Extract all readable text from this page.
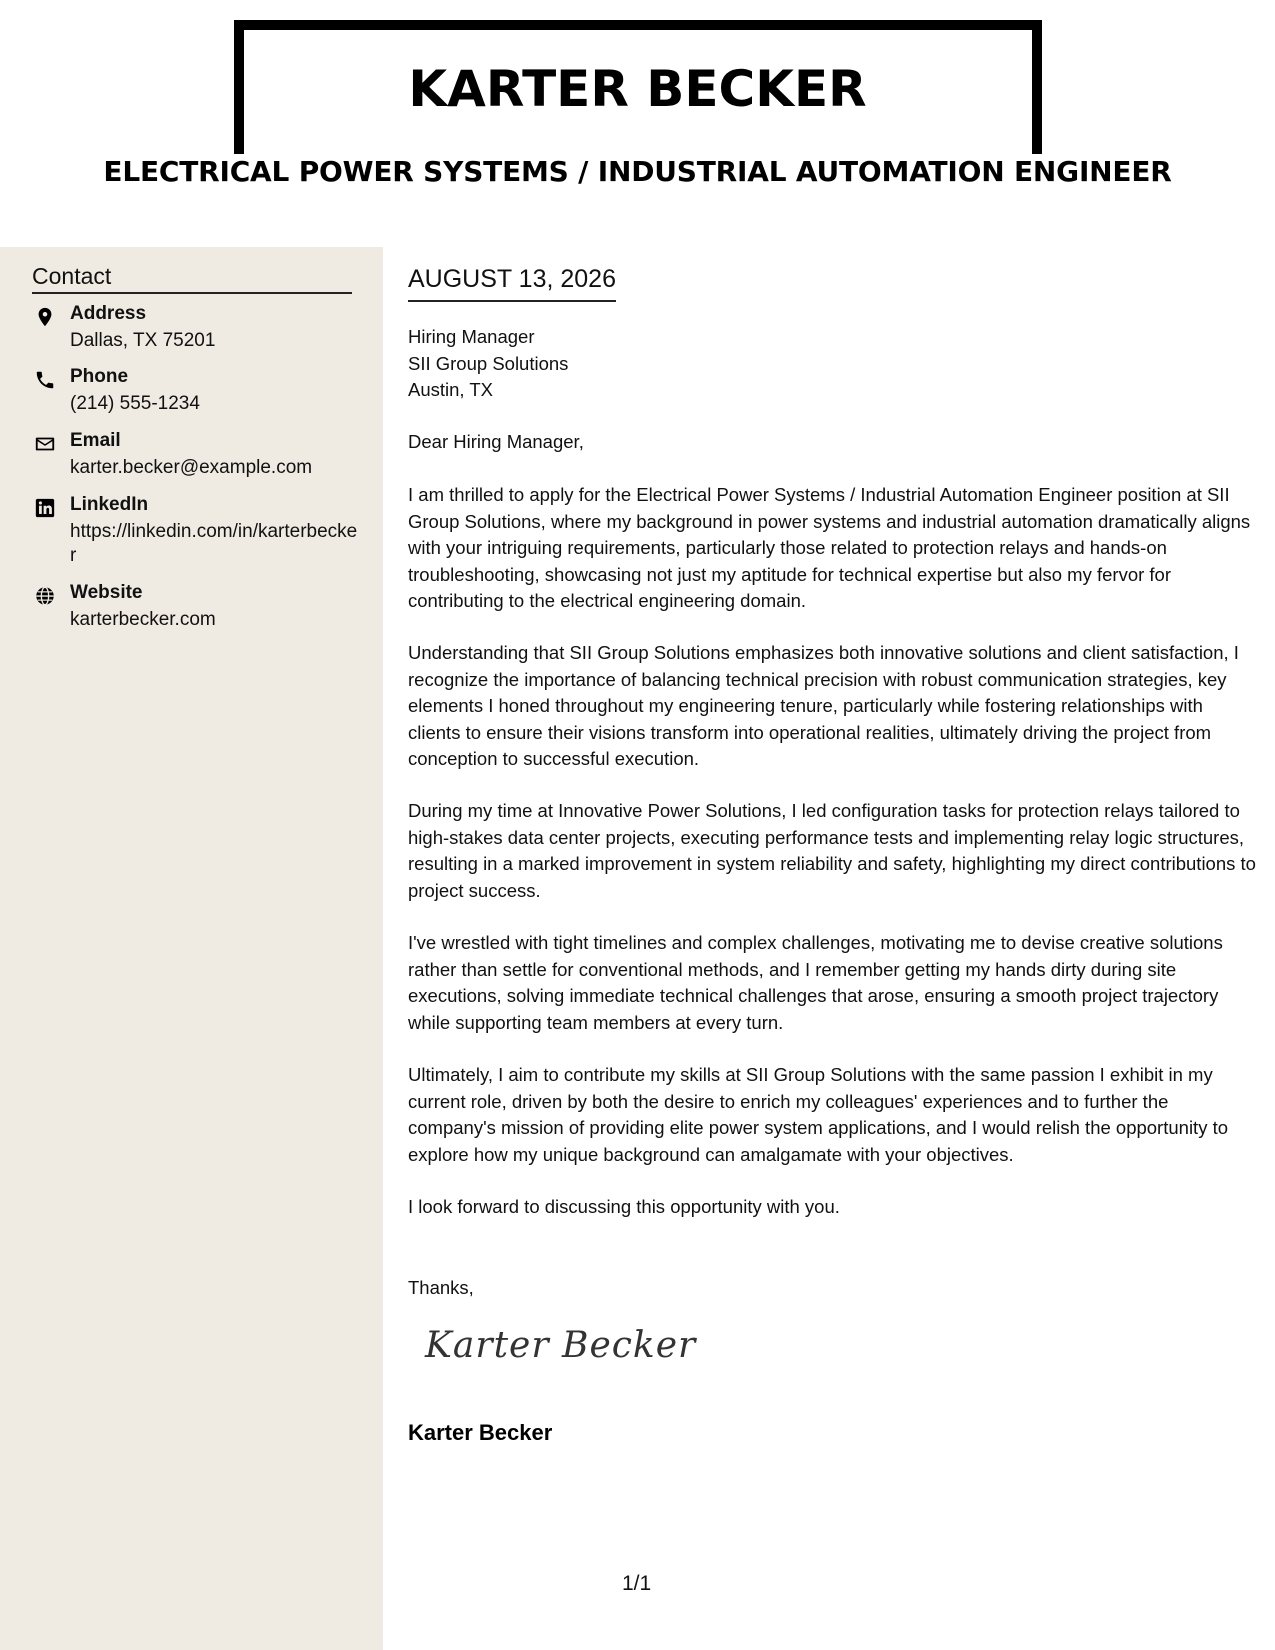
KARTER BECKER
ELECTRICAL POWER SYSTEMS / INDUSTRIAL AUTOMATION ENGINEER
Contact
Address
Dallas, TX 75201
Phone
(214) 555-1234
Email
karter.becker@example.com
LinkedIn
https://linkedin.com/in/karterbecker
Website
karterbecker.com
AUGUST 13, 2026
Hiring Manager
SII Group Solutions
Austin, TX
Dear Hiring Manager,

I am thrilled to apply for the Electrical Power Systems / Industrial Automation Engineer position at SII Group Solutions, where my background in power systems and industrial automation dramatically aligns with your intriguing requirements, particularly those related to protection relays and hands-on troubleshooting, showcasing not just my aptitude for technical expertise but also my fervor for contributing to the electrical engineering domain.

Understanding that SII Group Solutions emphasizes both innovative solutions and client satisfaction, I recognize the importance of balancing technical precision with robust communication strategies, key elements I honed throughout my engineering tenure, particularly while fostering relationships with clients to ensure their visions transform into operational realities, ultimately driving the project from conception to successful execution.

During my time at Innovative Power Solutions, I led configuration tasks for protection relays tailored to high-stakes data center projects, executing performance tests and implementing relay logic structures, resulting in a marked improvement in system reliability and safety, highlighting my direct contributions to project success.

I've wrestled with tight timelines and complex challenges, motivating me to devise creative solutions rather than settle for conventional methods, and I remember getting my hands dirty during site executions, solving immediate technical challenges that arose, ensuring a smooth project trajectory while supporting team members at every turn.

Ultimately, I aim to contribute my skills at SII Group Solutions with the same passion I exhibit in my current role, driven by both the desire to enrich my colleagues' experiences and to further the company's mission of providing elite power system applications, and I would relish the opportunity to explore how my unique background can amalgamate with your objectives.

I look forward to discussing this opportunity with you.

Thanks,
Karter Becker
Karter Becker
1/1
